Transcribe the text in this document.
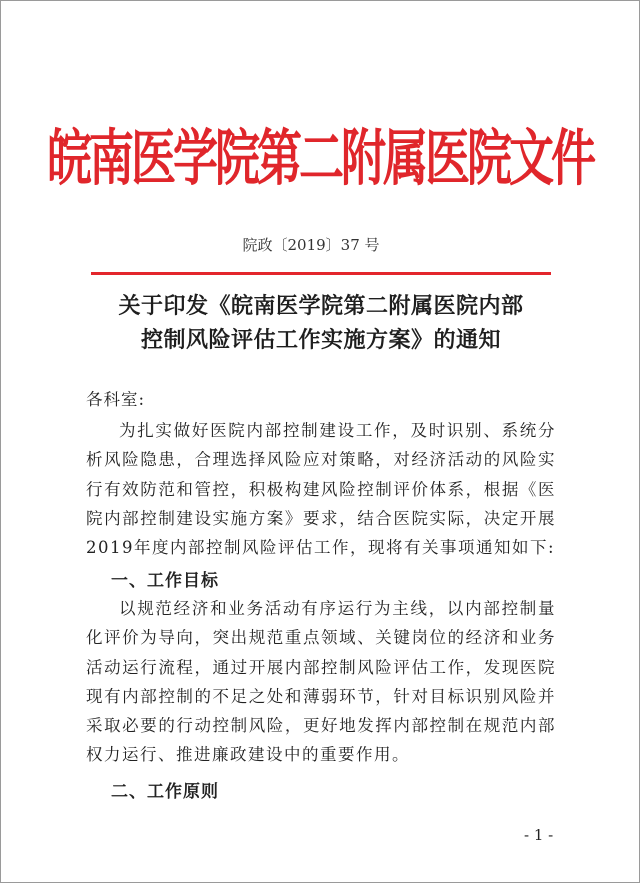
皖南医学院第二附属医院文件
院政〔2019〕37 号
关于印发《皖南医学院第二附属医院内部
控制风险评估工作实施方案》的通知
各科室:
为扎实做好医院内部控制建设工作，及时识别、系统分析风险隐患，合理选择风险应对策略，对经济活动的风险实行有效防范和管控，积极构建风险控制评价体系，根据《医院内部控制建设实施方案》要求，结合医院实际，决定开展2019年度内部控制风险评估工作，现将有关事项通知如下:
一、工作目标
以规范经济和业务活动有序运行为主线，以内部控制量化评价为导向，突出规范重点领域、关键岗位的经济和业务活动运行流程，通过开展内部控制风险评估工作，发现医院现有内部控制的不足之处和薄弱环节，针对目标识别风险并采取必要的行动控制风险，更好地发挥内部控制在规范内部权力运行、推进廉政建设中的重要作用。
二、工作原则
- 1 -
